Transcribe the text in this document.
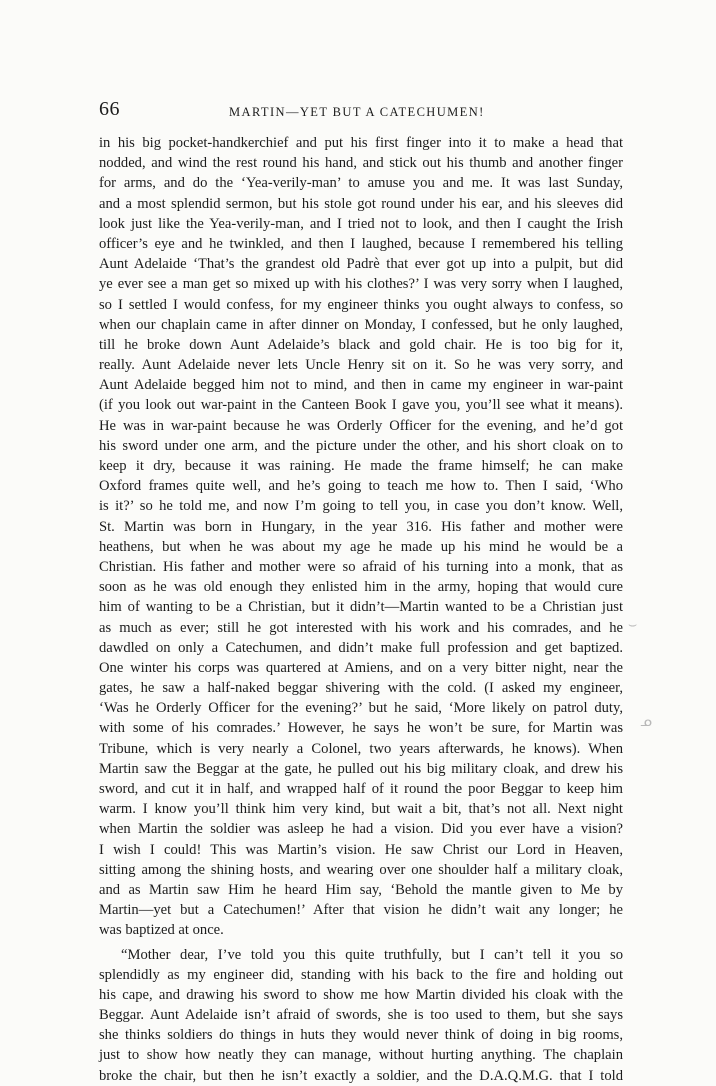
66	MARTIN—YET BUT A CATECHUMEN!
in his big pocket-handkerchief and put his first finger into it to make a head that
nodded, and wind the rest round his hand, and stick out his thumb and another finger
for arms, and do the ‘Yea-verily-man’ to amuse you and me. It was last Sunday,
and a most splendid sermon, but his stole got round under his ear, and his sleeves did
look just like the Yea-verily-man, and I tried not to look, and then I caught the Irish
officer’s eye and he twinkled, and then I laughed, because I remembered his telling
Aunt Adelaide ‘That’s the grandest old Padrè that ever got up into a pulpit, but did
ye ever see a man get so mixed up with his clothes?’ I was very sorry when I laughed,
so I settled I would confess, for my engineer thinks you ought always to confess, so
when our chaplain came in after dinner on Monday, I confessed, but he only laughed,
till he broke down Aunt Adelaide’s black and gold chair. He is too big for it,
really. Aunt Adelaide never lets Uncle Henry sit on it. So he was very sorry, and
Aunt Adelaide begged him not to mind, and then in came my engineer in war-paint
(if you look out war-paint in the Canteen Book I gave you, you’ll see what it means).
He was in war-paint because he was Orderly Officer for the evening, and he’d got
his sword under one arm, and the picture under the other, and his short cloak on to
keep it dry, because it was raining. He made the frame himself; he can make
Oxford frames quite well, and he’s going to teach me how to. Then I said, ‘Who
is it?’ so he told me, and now I’m going to tell you, in case you don’t know. Well,
St. Martin was born in Hungary, in the year 316. His father and mother were
heathens, but when he was about my age he made up his mind he would be a
Christian. His father and mother were so afraid of his turning into a monk, that as
soon as he was old enough they enlisted him in the army, hoping that would cure
him of wanting to be a Christian, but it didn’t—Martin wanted to be a Christian just
as much as ever; still he got interested with his work and his comrades, and he
dawdled on only a Catechumen, and didn’t make full profession and get baptized.
One winter his corps was quartered at Amiens, and on a very bitter night, near the
gates, he saw a half-naked beggar shivering with the cold. (I asked my engineer,
‘Was he Orderly Officer for the evening?’ but he said, ‘More likely on patrol duty,
with some of his comrades.’ However, he says he won’t be sure, for Martin was
Tribune, which is very nearly a Colonel, two years afterwards, he knows). When
Martin saw the Beggar at the gate, he pulled out his big military cloak, and drew his
sword, and cut it in half, and wrapped half of it round the poor Beggar to keep him
warm. I know you’ll think him very kind, but wait a bit, that’s not all. Next night
when Martin the soldier was asleep he had a vision. Did you ever have a vision?
I wish I could! This was Martin’s vision. He saw Christ our Lord in Heaven,
sitting among the shining hosts, and wearing over one shoulder half a military cloak,
and as Martin saw Him he heard Him say, ‘Behold the mantle given to Me by
Martin—yet but a Catechumen!’ After that vision he didn’t wait any longer; he
was baptized at once.
“Mother dear, I’ve told you this quite truthfully, but I can’t tell it you so
splendidly as my engineer did, standing with his back to the fire and holding out
his cape, and drawing his sword to show me how Martin divided his cloak with the
Beggar. Aunt Adelaide isn’t afraid of swords, she is too used to them, but she says
she thinks soldiers do things in huts they would never think of doing in big rooms,
just to show how neatly they can manage, without hurting anything. The chaplain
broke the chair, but then he isn’t exactly a soldier, and the D.A.Q.M.G. that I told
⌣
ᓄ
